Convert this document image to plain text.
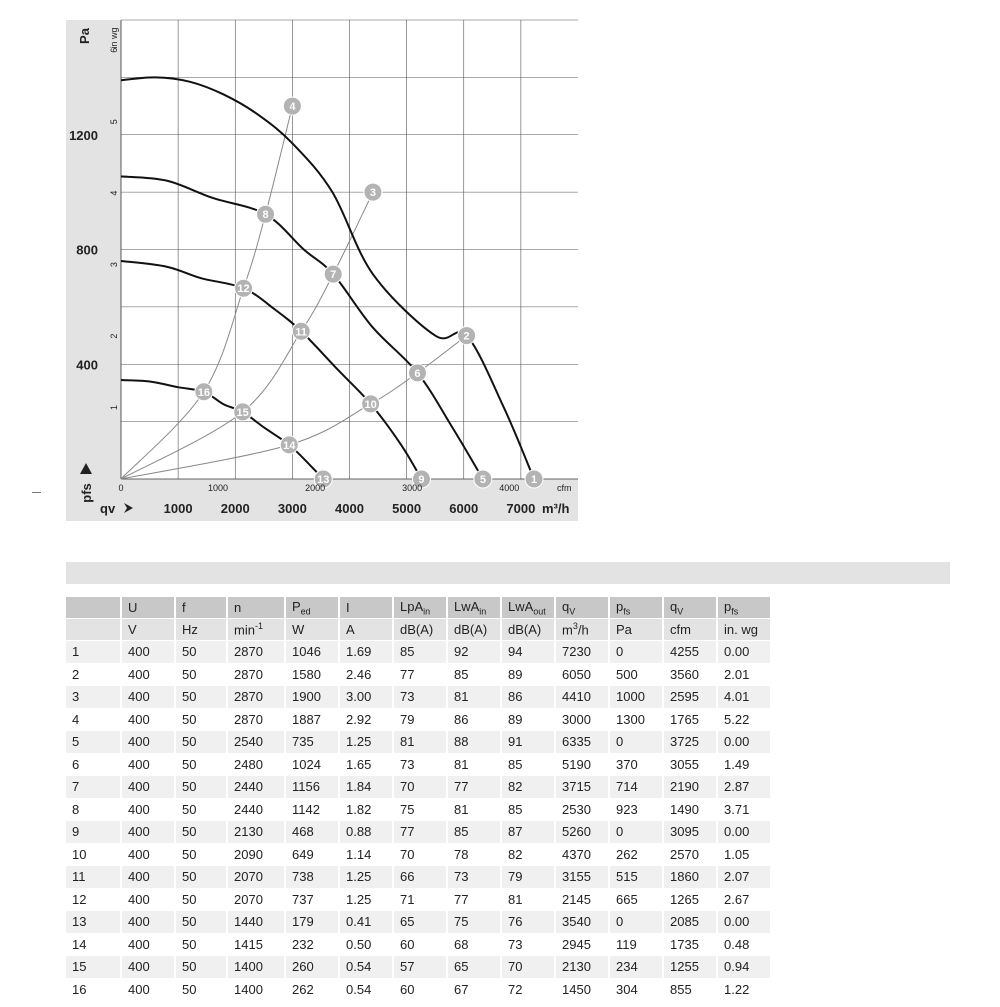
1
2
3
4
5
6
7
8
9
10
11
12
13
14
15
16
400
800
1200
Pa
1
2
3
4
5
6
in wg
pfs
1000 2000 3000 4000 5000 6000 7000 m³/h
qv
0	1000	2000	3000	4000	cfm
	U	f	n	$P_{ed}$	I	LpA$_{in}$	LwA$_{in}$	LwA$_{out}$	$q_V$	$p_{fs}$	$q_V$	$p_{fs}$
	V	Hz	$\min^{-1}$	W	A	dB(A)	dB(A)	dB(A)	$m^3/h$	Pa	cfm	in. wg
1	400	50	2870	1046	1.69	85	92	94	7230	0	4255	0.00
2	400	50	2870	1580	2.46	77	85	89	6050	500	3560	2.01
3	400	50	2870	1900	3.00	73	81	86	4410	1000	2595	4.01
4	400	50	2870	1887	2.92	79	86	89	3000	1300	1765	5.22
5	400	50	2540	735	1.25	81	88	91	6335	0	3725	0.00
6	400	50	2480	1024	1.65	73	81	85	5190	370	3055	1.49
7	400	50	2440	1156	1.84	70	77	82	3715	714	2190	2.87
8	400	50	2440	1142	1.82	75	81	85	2530	923	1490	3.71
9	400	50	2130	468	0.88	77	85	87	5260	0	3095	0.00
10	400	50	2090	649	1.14	70	78	82	4370	262	2570	1.05
11	400	50	2070	738	1.25	66	73	79	3155	515	1860	2.07
12	400	50	2070	737	1.25	71	77	81	2145	665	1265	2.67
13	400	50	1440	179	0.41	65	75	76	3540	0	2085	0.00
14	400	50	1415	232	0.50	60	68	73	2945	119	1735	0.48
15	400	50	1400	260	0.54	57	65	70	2130	234	1255	0.94
16	400	50	1400	262	0.54	60	67	72	1450	304	855	1.22
